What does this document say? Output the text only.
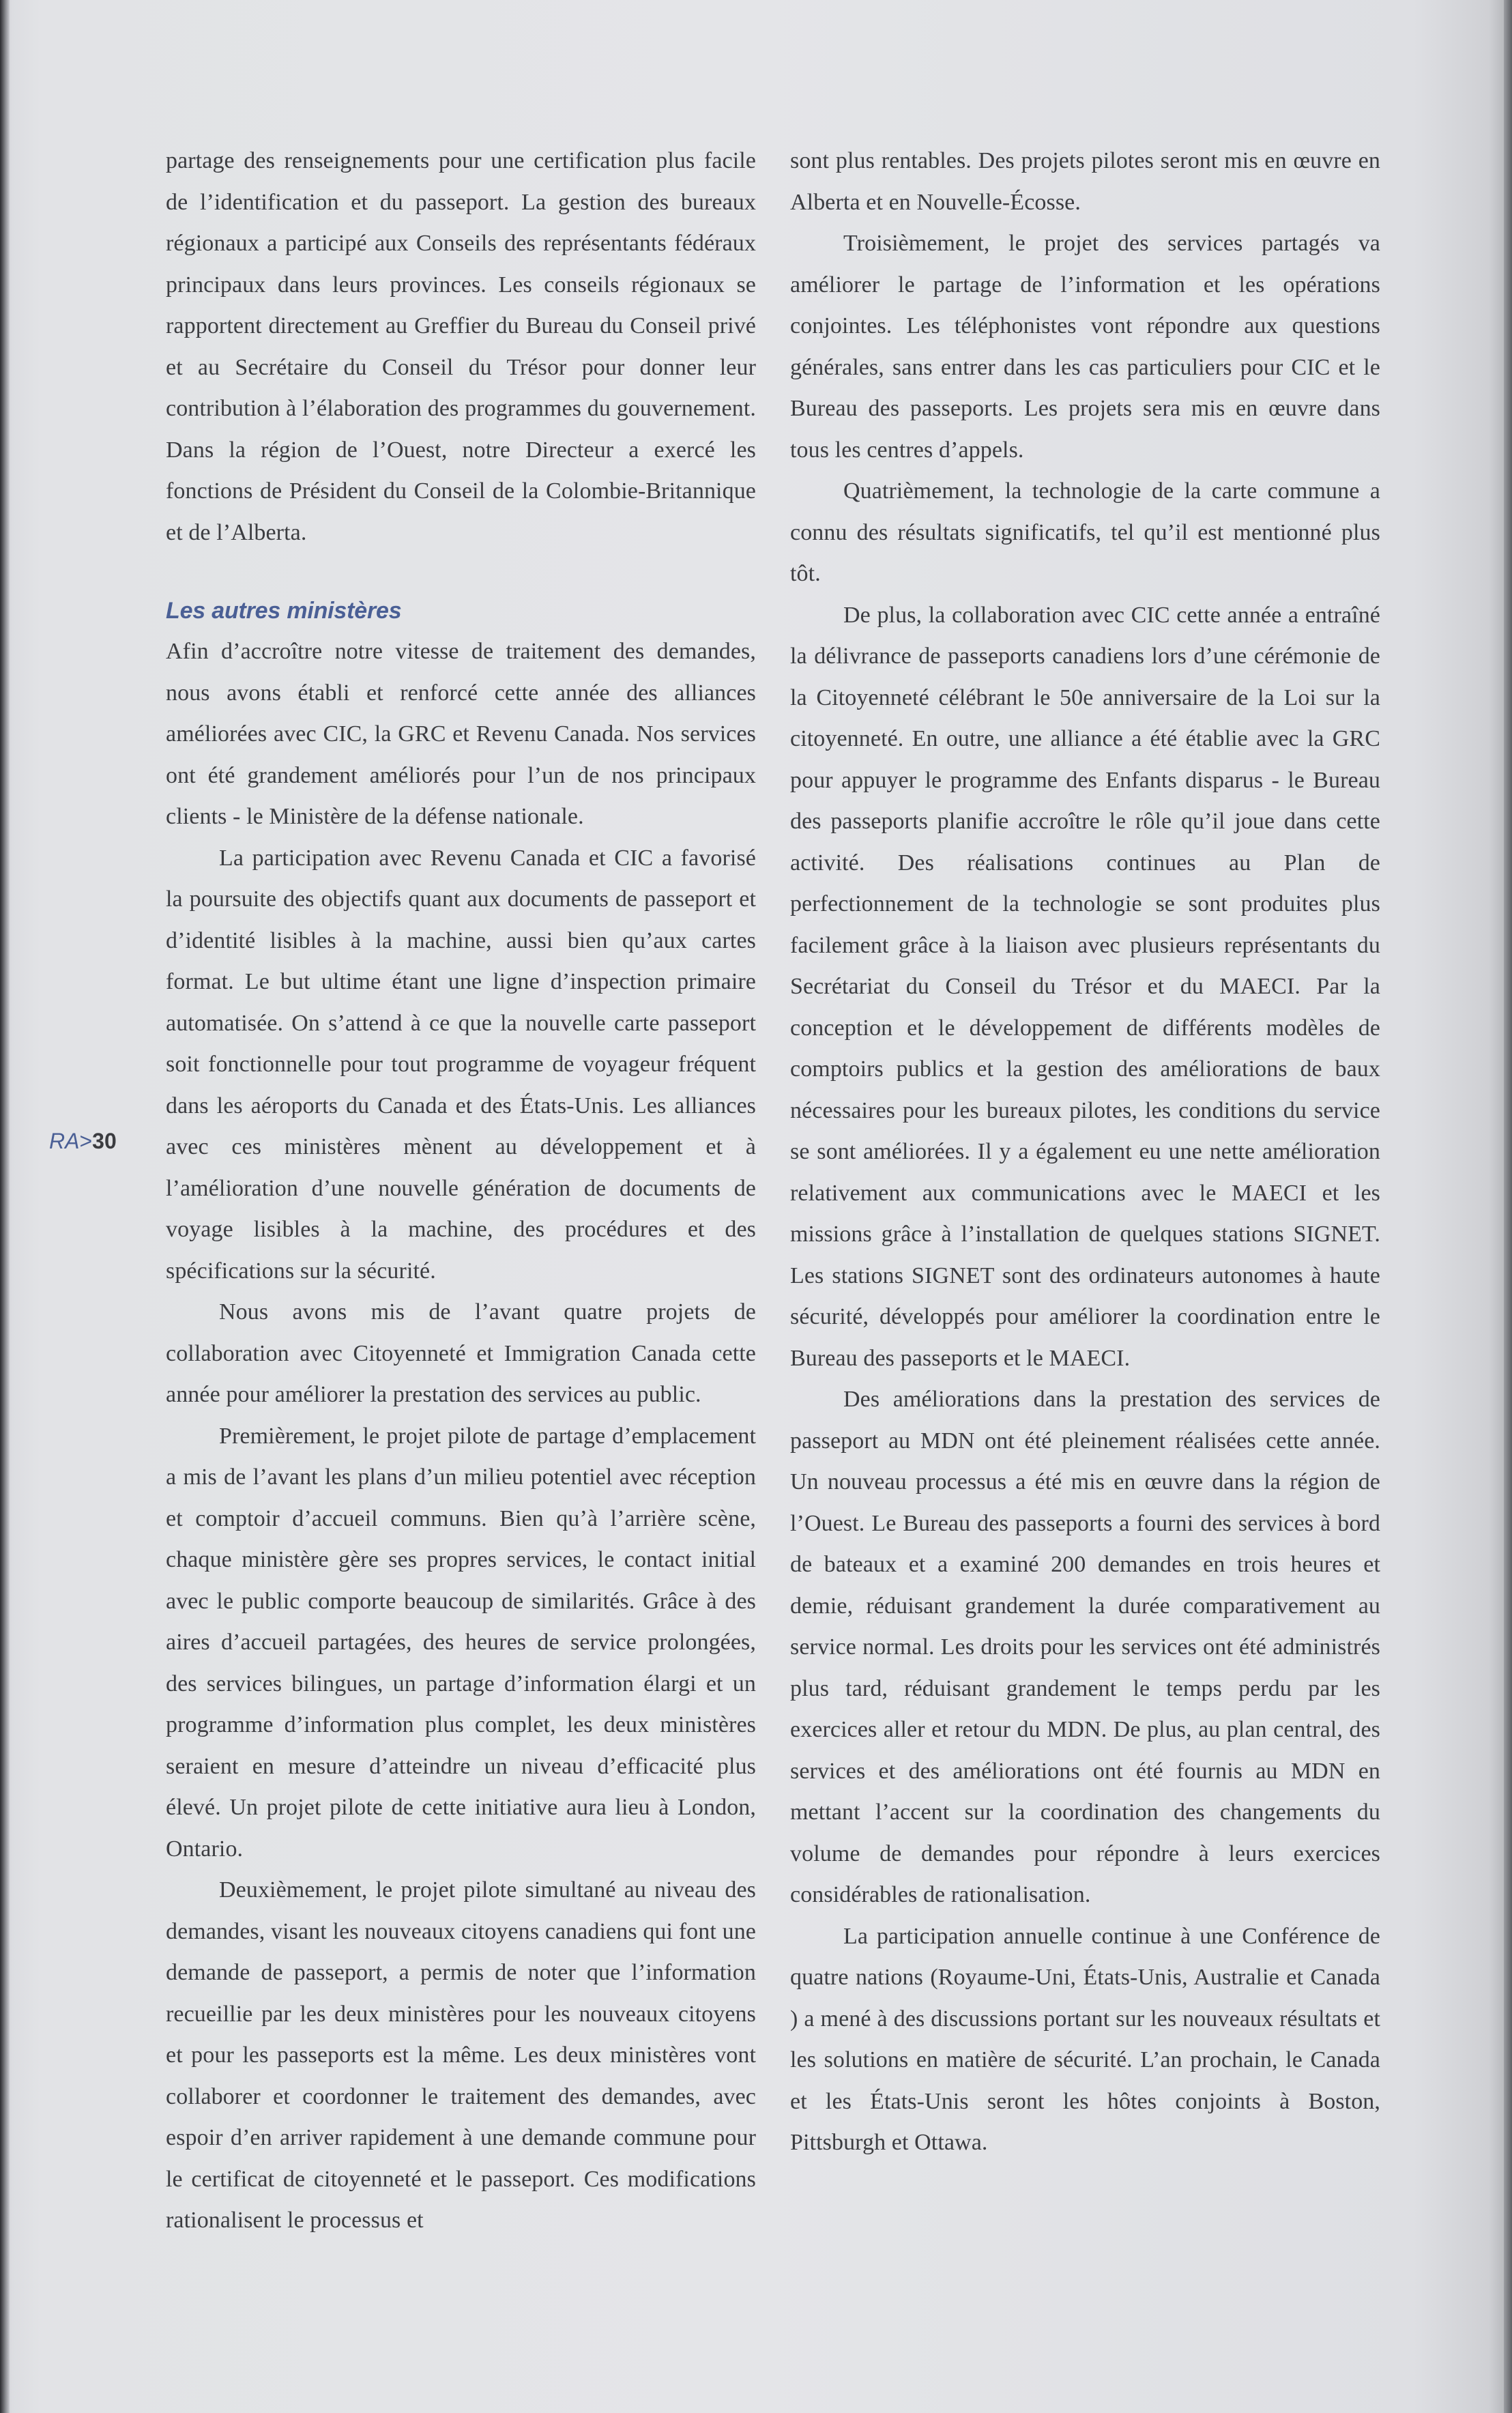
partage des renseignements pour une certification plus facile de l’identification et du passeport. La gestion des bureaux régionaux a participé aux Conseils des représentants fédéraux principaux dans leurs provinces. Les conseils régionaux se rapportent directement au Greffier du Bureau du Conseil privé et au Secrétaire du Conseil du Trésor pour donner leur contribution à l’élaboration des programmes du gouvernement. Dans la région de l’Ouest, notre Directeur a exercé les fonctions de Président du Conseil de la Colombie-Britannique et de l’Alberta.

Les autres ministères

Afin d’accroître notre vitesse de traitement des demandes, nous avons établi et renforcé cette année des alliances améliorées avec CIC, la GRC et Revenu Canada. Nos services ont été grandement améliorés pour l’un de nos principaux clients - le Ministère de la défense nationale.

La participation avec Revenu Canada et CIC a favorisé la poursuite des objectifs quant aux documents de passeport et d’identité lisibles à la machine, aussi bien qu’aux cartes format. Le but ultime étant une ligne d’inspection primaire automatisée. On s’attend à ce que la nouvelle carte passeport soit fonctionnelle pour tout programme de voyageur fréquent dans les aéroports du Canada et des États-Unis. Les alliances avec ces ministères mènent au développement et à l’amélioration d’une nouvelle génération de documents de voyage lisibles à la machine, des procédures et des spécifications sur la sécurité.

Nous avons mis de l’avant quatre projets de collaboration avec Citoyenneté et Immigration Canada cette année pour améliorer la prestation des services au public.

Premièrement, le projet pilote de partage d’emplacement a mis de l’avant les plans d’un milieu potentiel avec réception et comptoir d’accueil communs. Bien qu’à l’arrière scène, chaque ministère gère ses propres services, le contact initial avec le public comporte beaucoup de similarités. Grâce à des aires d’accueil partagées, des heures de service prolongées, des services bilingues, un partage d’information élargi et un programme d’information plus complet, les deux ministères seraient en mesure d’atteindre un niveau d’efficacité plus élevé. Un projet pilote de cette initiative aura lieu à London, Ontario.

Deuxièmement, le projet pilote simultané au niveau des demandes, visant les nouveaux citoyens canadiens qui font une demande de passeport, a permis de noter que l’information recueillie par les deux ministères pour les nouveaux citoyens et pour les passeports est la même. Les deux ministères vont collaborer et coordonner le traitement des demandes, avec espoir d’en arriver rapidement à une demande commune pour le certificat de citoyenneté et le passeport. Ces modifications rationalisent le processus et

sont plus rentables. Des projets pilotes seront mis en œuvre en Alberta et en Nouvelle-Écosse.

Troisièmement, le projet des services partagés va améliorer le partage de l’information et les opérations conjointes. Les téléphonistes vont répondre aux questions générales, sans entrer dans les cas particuliers pour CIC et le Bureau des passeports. Les projets sera mis en œuvre dans tous les centres d’appels.

Quatrièmement, la technologie de la carte commune a connu des résultats significatifs, tel qu’il est mentionné plus tôt.

De plus, la collaboration avec CIC cette année a entraîné la délivrance de passeports canadiens lors d’une cérémonie de la Citoyenneté célébrant le 50e anniversaire de la Loi sur la citoyenneté. En outre, une alliance a été établie avec la GRC pour appuyer le programme des Enfants disparus - le Bureau des passeports planifie accroître le rôle qu’il joue dans cette activité. Des réalisations continues au Plan de perfectionnement de la technologie se sont produites plus facilement grâce à la liaison avec plusieurs représentants du Secrétariat du Conseil du Trésor et du MAECI. Par la conception et le développement de différents modèles de comptoirs publics et la gestion des améliorations de baux nécessaires pour les bureaux pilotes, les conditions du service se sont améliorées. Il y a également eu une nette amélioration relativement aux communications avec le MAECI et les missions grâce à l’installation de quelques stations SIGNET. Les stations SIGNET sont des ordinateurs autonomes à haute sécurité, développés pour améliorer la coordination entre le Bureau des passeports et le MAECI.

Des améliorations dans la prestation des services de passeport au MDN ont été pleinement réalisées cette année. Un nouveau processus a été mis en œuvre dans la région de l’Ouest. Le Bureau des passeports a fourni des services à bord de bateaux et a examiné 200 demandes en trois heures et demie, réduisant grandement la durée comparativement au service normal. Les droits pour les services ont été administrés plus tard, réduisant grandement le temps perdu par les exercices aller et retour du MDN. De plus, au plan central, des services et des améliorations ont été fournis au MDN en mettant l’accent sur la coordination des changements du volume de demandes pour répondre à leurs exercices considérables de rationalisation.

La participation annuelle continue à une Conférence de quatre nations (Royaume-Uni, États-Unis, Australie et Canada ) a mené à des discussions portant sur les nouveaux résultats et les solutions en matière de sécurité. L’an prochain, le Canada et les États-Unis seront les hôtes conjoints à Boston, Pittsburgh et Ottawa.

RA>30
